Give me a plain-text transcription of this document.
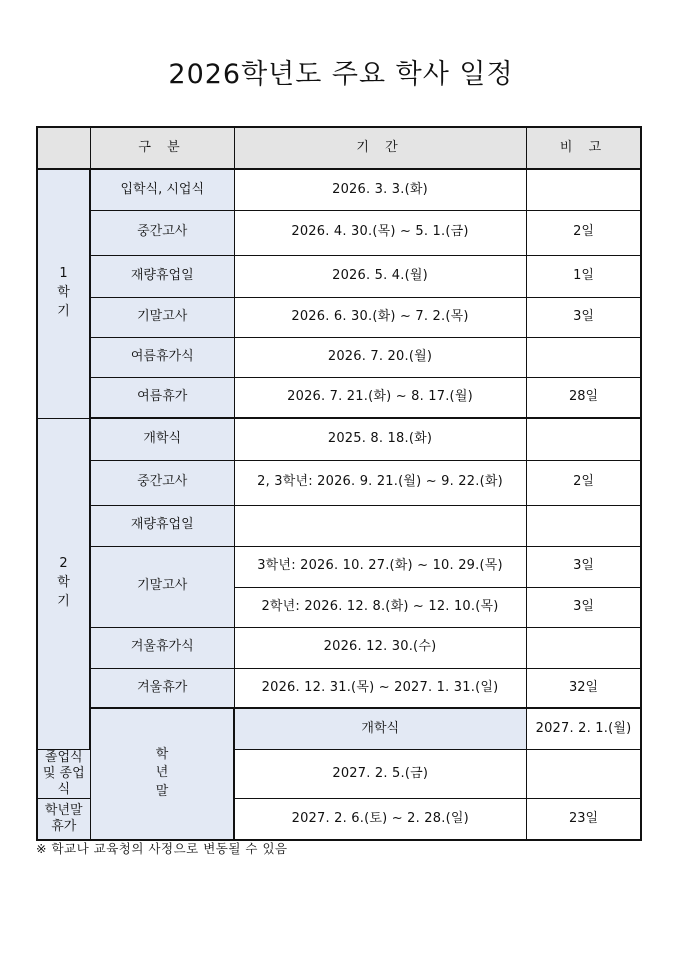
2026학년도 주요 학사 일정
	구 분	기 간	비 고	

1
학
기	입학식, 시업식	2026. 3. 3.(화)		
	중간고사	2026. 4. 30.(목) ~ 5. 1.(금)	2일	
	재량휴업일	2026. 5. 4.(월)	1일	
	기말고사	2026. 6. 30.(화) ~ 7. 2.(목)	3일	
	여름휴가식	2026. 7. 20.(월)		
	여름휴가	2026. 7. 21.(화) ~ 8. 17.(월)	28일	

2
학
기	개학식	2025. 8. 18.(화)		
	중간고사	2, 3학년: 2026. 9. 21.(월) ~ 9. 22.(화)	2일	
	재량휴업일			
	기말고사	3학년: 2026. 10. 27.(화) ~ 10. 29.(목)	3일	
		2학년: 2026. 12. 8.(화) ~ 12. 10.(목)	3일	
	겨울휴가식	2026. 12. 30.(수)		
	겨울휴가	2026. 12. 31.(목) ~ 2027. 1. 31.(일)	32일	

	학
년
말	개학식	2027. 2. 1.(월)	
졸업식 및 종업식		2027. 2. 5.(금)		
학년말 휴가		2027. 2. 6.(토) ~ 2. 28.(일)	23일	

※ 학교나 교육청의 사정으로 변동될 수 있음
